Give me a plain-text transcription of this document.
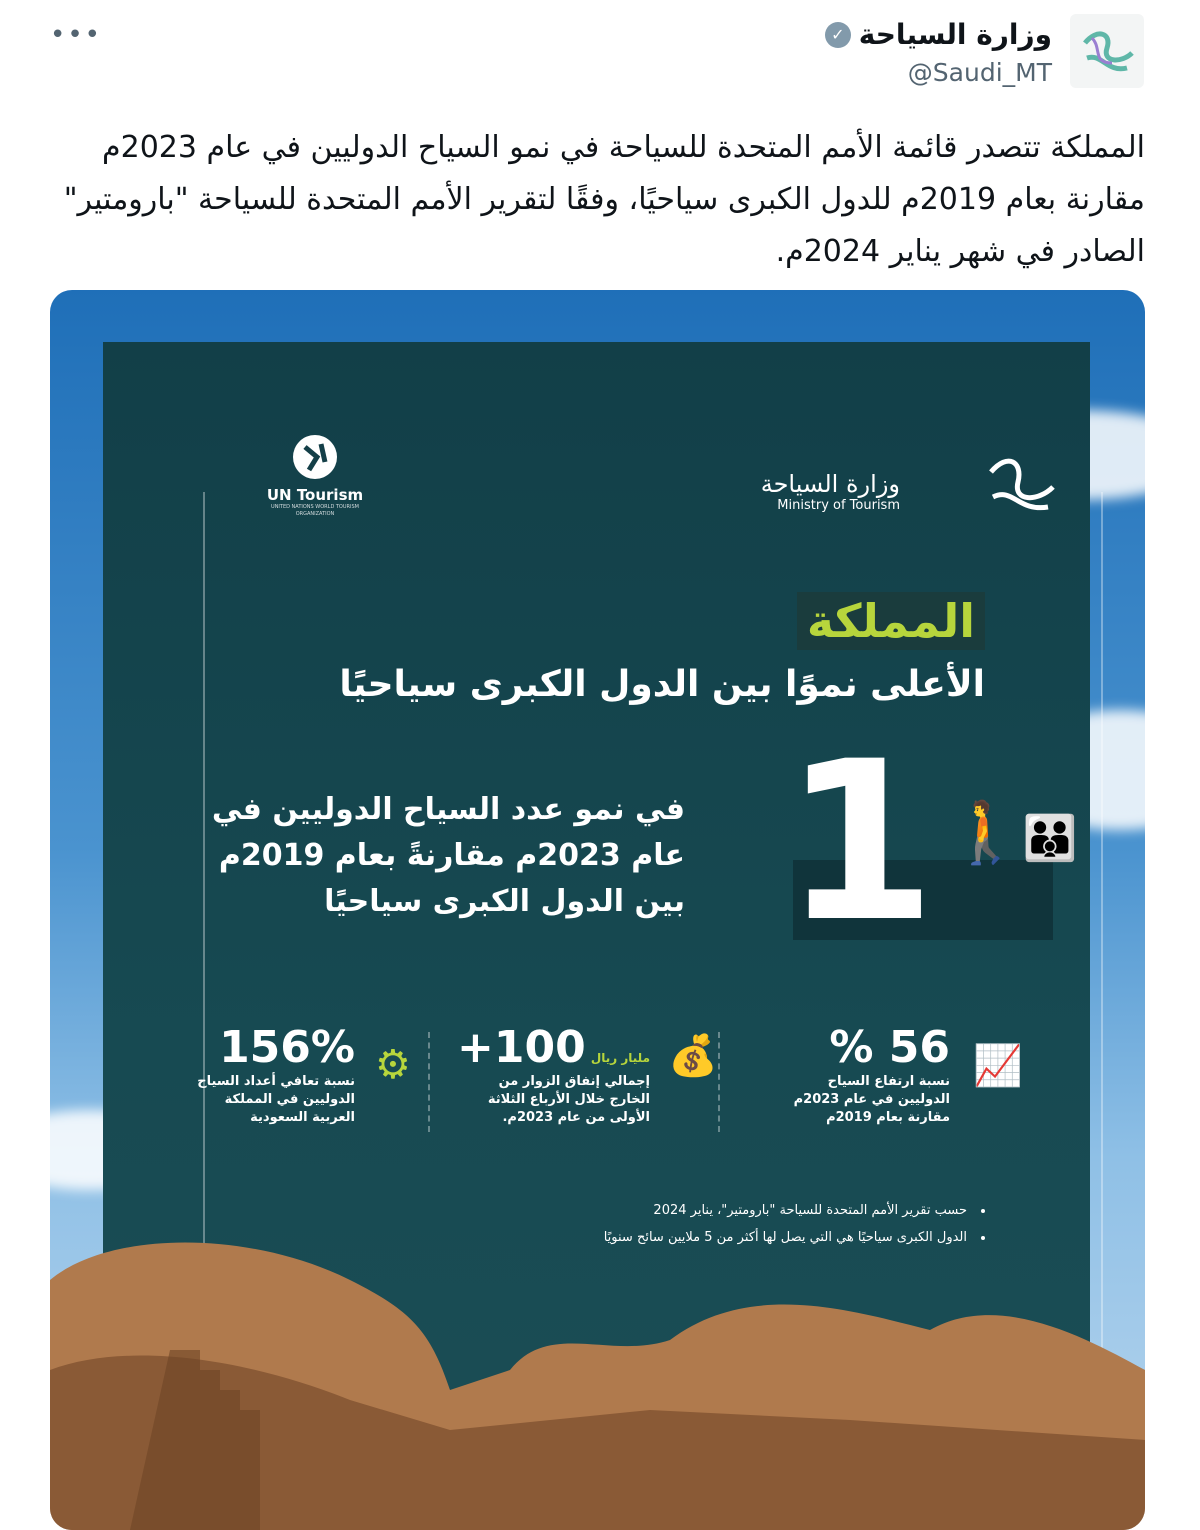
•••	وزارة السياحة
✓
@Saudi_MT
المملكة تتصدر قائمة الأمم المتحدة للسياحة في نمو السياح الدوليين في عام 2023م مقارنة بعام 2019م للدول الكبرى سياحيًا، وفقًا لتقرير الأمم المتحدة للسياحة "بارومتير" الصادر في شهر يناير 2024م.
UN Tourism
UNITED NATIONS WORLD TOURISM ORGANIZATION
وزارة السياحة
Ministry of Tourism
المملكة
الأعلى نموًا بين الدول الكبرى سياحيًا
1 🚶👪
في نمو عدد السياح الدوليين في
عام 2023م مقارنةً بعام 2019م
بين الدول الكبرى سياحيًا
📈
56 %
نسبة ارتفاع السياح
الدوليين في عام 2023م
مقارنة بعام 2019م
💰
مليار ريال 100+
إجمالي إنفاق الزوار من
الخارج خلال الأرباع الثلاثة
الأولى من عام 2023م.
⚙
156%
نسبة تعافي أعداد السياح
الدوليين في المملكة
العربية السعودية
• حسب تقرير الأمم المتحدة للسياحة "بارومتير"، يناير 2024
• الدول الكبرى سياحيًا هي التي يصل لها أكثر من 5 ملايين سائح سنويًا
